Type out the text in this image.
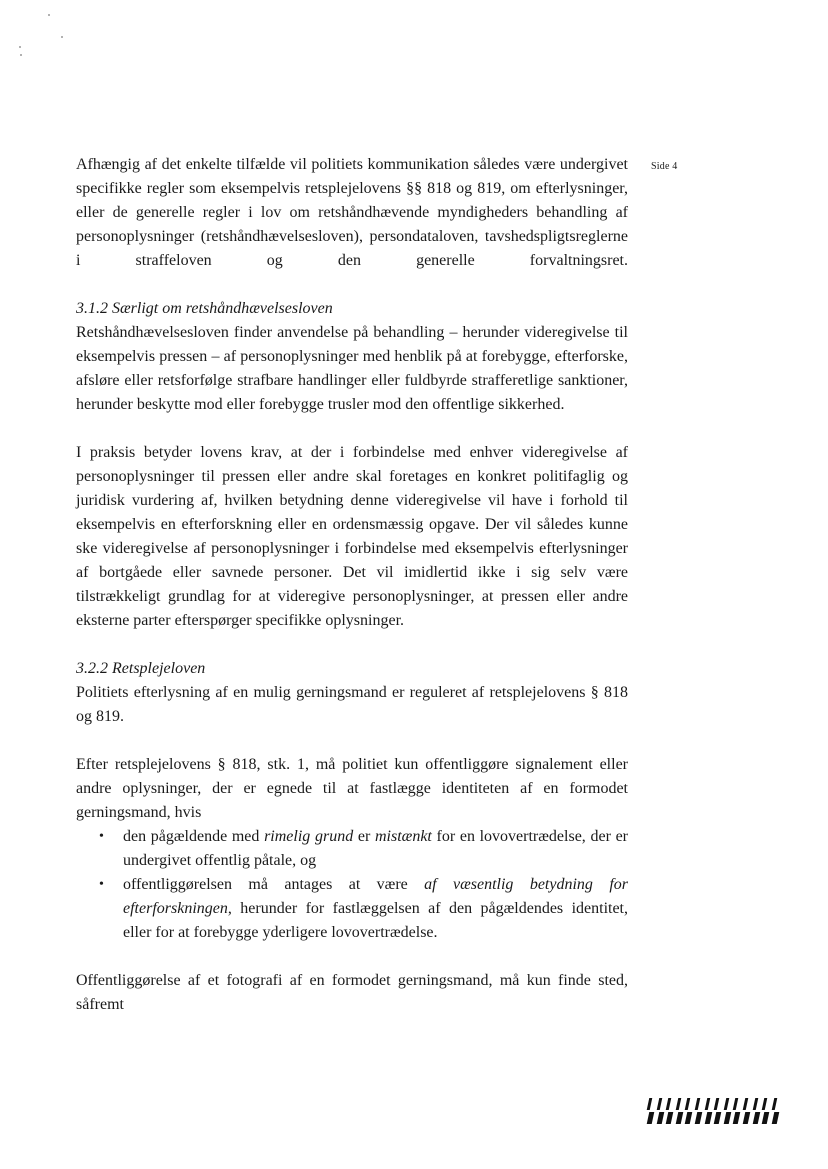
Side 4

Afhængig af det enkelte tilfælde vil politiets kommunikation således være undergivet specifikke regler som eksempelvis retsplejelovens §§ 818 og 819, om efterlysninger, eller de generelle regler i lov om retshåndhævende myndigheders behandling af personoplysninger (retshåndhævelsesloven), persondataloven, tavshedspligtsreglerne i straffeloven og den generelle forvaltningsret.

3.1.2 Særligt om retshåndhævelsesloven

Retshåndhævelsesloven finder anvendelse på behandling – herunder videregivelse til eksempelvis pressen – af personoplysninger med henblik på at forebygge, efterforske, afsløre eller retsforfølge strafbare handlinger eller fuldbyrde strafferetlige sanktioner, herunder beskytte mod eller forebygge trusler mod den offentlige sikkerhed.

I praksis betyder lovens krav, at der i forbindelse med enhver videregivelse af personoplysninger til pressen eller andre skal foretages en konkret politifaglig og juridisk vurdering af, hvilken betydning denne videregivelse vil have i forhold til eksempelvis en efterforskning eller en ordensmæssig opgave. Der vil således kunne ske videregivelse af personoplysninger i forbindelse med eksempelvis efterlysninger af bortgåede eller savnede personer. Det vil imidlertid ikke i sig selv være tilstrækkeligt grundlag for at videregive personoplysninger, at pressen eller andre eksterne parter efterspørger specifikke oplysninger.

3.2.2 Retsplejeloven

Politiets efterlysning af en mulig gerningsmand er reguleret af retsplejelovens § 818 og 819.

Efter retsplejelovens § 818, stk. 1, må politiet kun offentliggøre signalement eller andre oplysninger, der er egnede til at fastlægge identiteten af en formodet gerningsmand, hvis

• den pågældende med rimelig grund er mistænkt for en lovovertrædelse, der er undergivet offentlig påtale, og
• offentliggørelsen må antages at være af væsentlig betydning for efterforskningen, herunder for fastlæggelsen af den pågældendes identitet, eller for at forebygge yderligere lovovertrædelse.

Offentliggørelse af et fotografi af en formodet gerningsmand, må kun finde sted, såfremt
